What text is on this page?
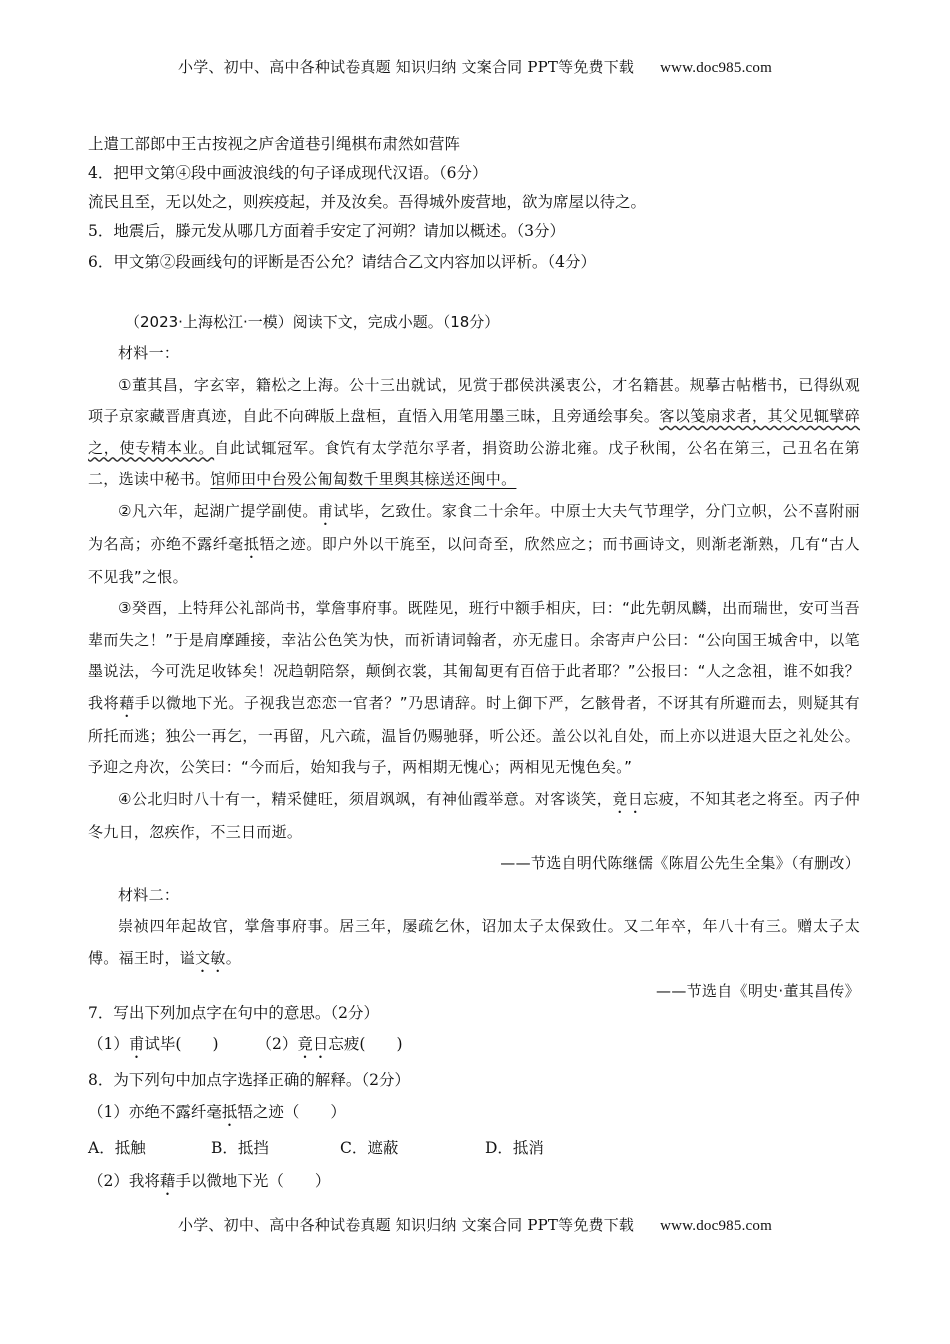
小学、初中、高中各种试卷真题 知识归纳 文案合同 PPT等免费下载 www.doc985.com
上遣工部郎中王古按视之庐舍道巷引绳棋布肃然如营阵
4．把甲文第④段中画波浪线的句子译成现代汉语。（6分）
流民且至，无以处之，则疾疫起，并及汝矣。吾得城外废营地，欲为席屋以待之。
5．地震后，滕元发从哪几方面着手安定了河朔？请加以概述。（3分）
6．甲文第②段画线句的评断是否公允？请结合乙文内容加以评析。（4分）
（2023·上海松江·一模）阅读下文，完成小题。（18分）

材料一：

①董其昌，字玄宰，籍松之上海。公十三出就试，见赏于郡侯洪溪衷公，才名籍甚。规摹古帖楷书，已得纵观项子京家藏晋唐真迹，自此不向碑版上盘桓，直悟入用笔用墨三昧，且旁通绘事矣。客以笺扇求者，其父见辄擘碎之，使专精本业。自此试辄冠军。食饩有太学范尔孚者，捐资助公游北雍。戊子秋闱，公名在第三，己丑名在第二，选读中秘书。馆师田中台殁公匍匐数千里舆其榇送还闽中。

②凡六年，起湖广提学副使。甫试毕，乞致仕。家食二十余年。中原士大夫气节理学，分门立帜，公不喜附丽为名高；亦绝不露纤毫抵牾之迹。即户外以干旄至，以问奇至，欣然应之；而书画诗文，则渐老渐熟，几有“古人不见我”之恨。

③癸酉，上特拜公礼部尚书，掌詹事府事。既陛见，班行中额手相庆，曰：“此先朝凤麟，出而瑞世，安可当吾辈而失之！”于是肩摩踵接，幸沾公色笑为快，而祈请词翰者，亦无虚日。余寄声户公曰：“公向国王城舍中，以笔墨说法，今可洗足收钵矣！况趋朝陪祭，颠倒衣裳，其匍匐更有百倍于此者耶？”公报曰：“人之念祖，谁不如我？我将藉手以微地下光。子视我岂恋恋一官者？”乃思请辞。时上御下严，乞骸骨者，不讶其有所避而去，则疑其有所托而逃；独公一再乞，一再留，凡六疏，温旨仍赐驰驿，听公还。盖公以礼自处，而上亦以进退大臣之礼处公。予迎之舟次，公笑曰：“今而后，始知我与子，两相期无愧心；两相见无愧色矣。”

④公北归时八十有一，精采健旺，须眉飒飒，有神仙霞举意。对客谈笑，竟日忘疲，不知其老之将至。丙子仲冬九日，忽疾作，不三日而逝。

——节选自明代陈继儒《陈眉公先生全集》（有删改）

材料二：

崇祯四年起故官，掌詹事府事。居三年，屡疏乞休，诏加太子太保致仕。又二年卒，年八十有三。赠太子太傅。福王时，谥文敏。

——节选自《明史·董其昌传》

7．写出下列加点字在句中的意思。（2分）
（1）甫试毕(　　) （2）竟日忘疲(　　)
8．为下列句中加点字选择正确的解释。（2分）
（1）亦绝不露纤毫抵牾之迹（　　）
A．抵触	B．抵挡	C．遮蔽	D．抵消
（2）我将藉手以微地下光（　　）
小学、初中、高中各种试卷真题 知识归纳 文案合同 PPT等免费下载 www.doc985.com
